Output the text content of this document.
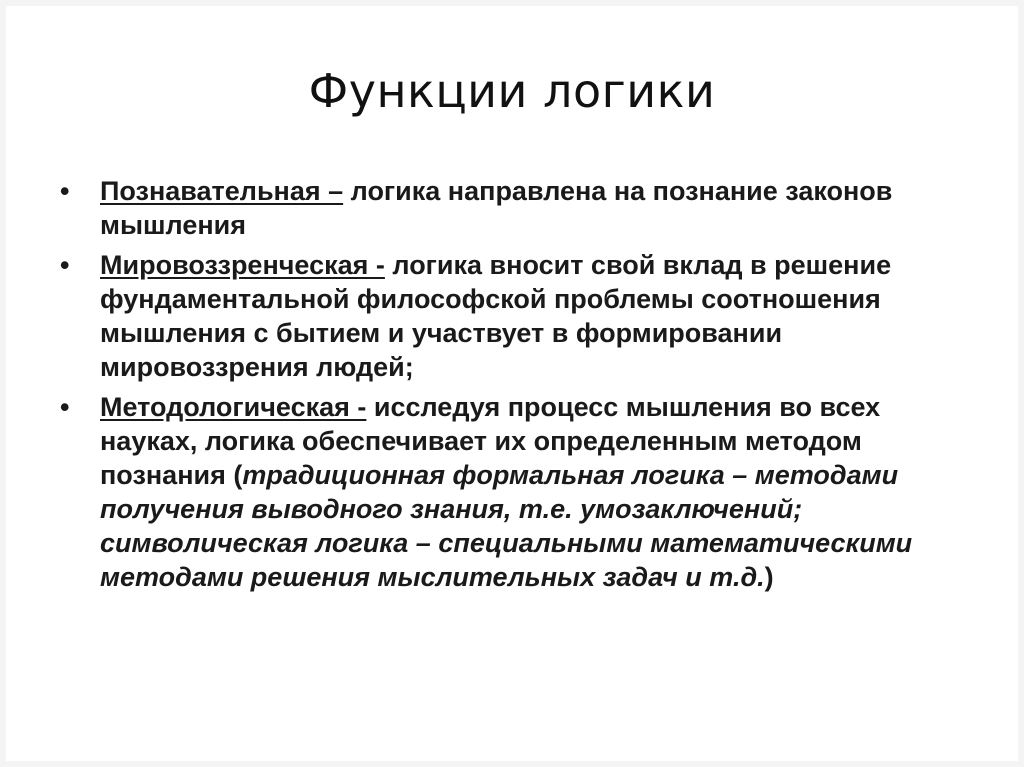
Функции логики
•	Познавательная – логика направлена на познание законов мышления
•	Мировоззренческая - логика вносит свой вклад в решение фундаментальной философской проблемы соотношения мышления с бытием и участвует в формировании мировоззрения людей;
•	Методологическая - исследуя процесс мышления во всех науках, логика обеспечивает их определенным методом познания (традиционная формальная логика – методами получения выводного знания, т.е. умозаключений; символическая логика – специальными математическими методами решения мыслительных задач и т.д.)
